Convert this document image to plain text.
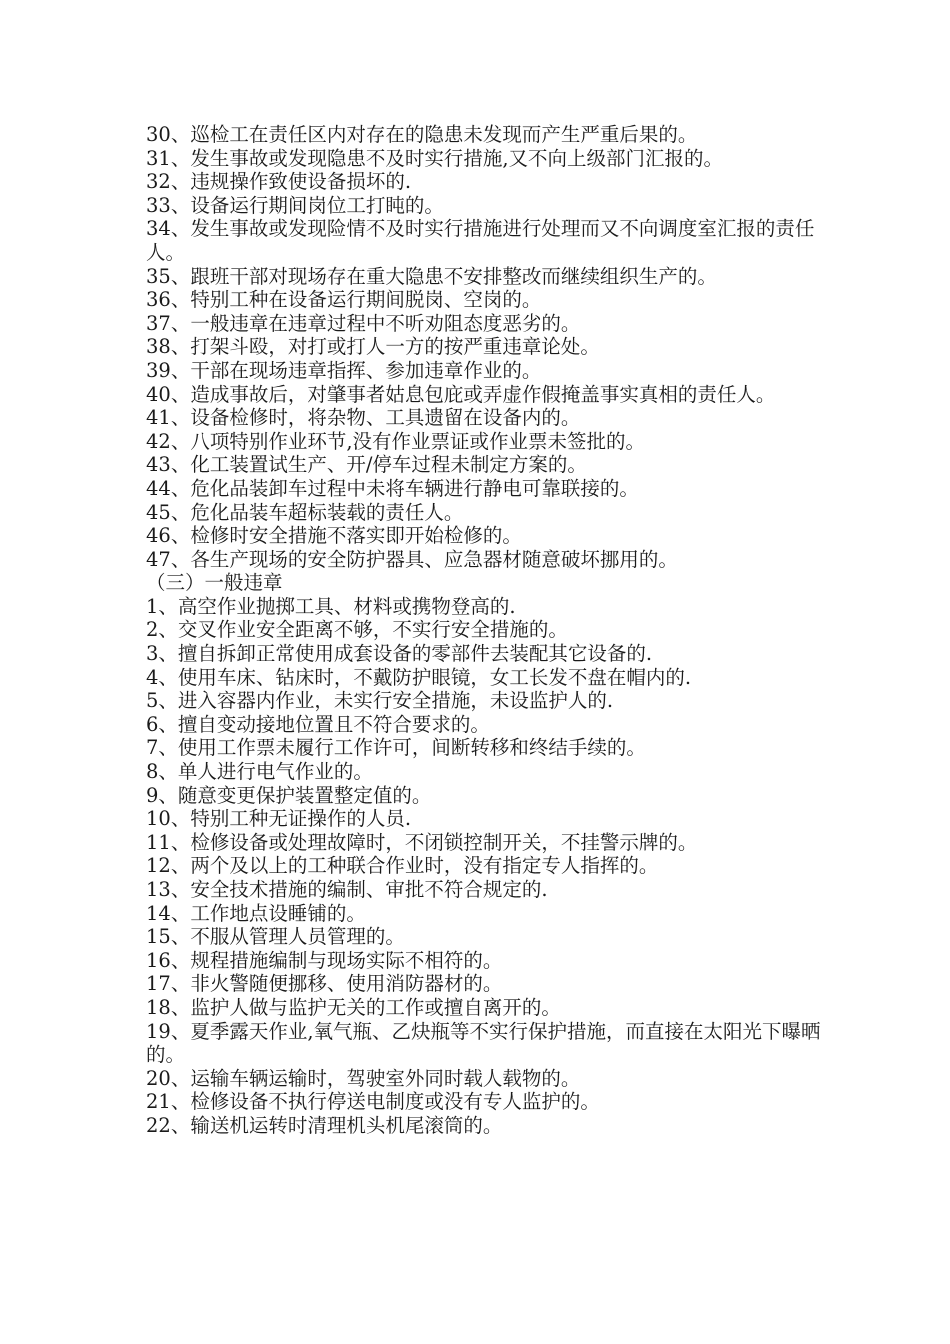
30、巡检工在责任区内对存在的隐患未发现而产生严重后果的。
31、发生事故或发现隐患不及时实行措施,又不向上级部门汇报的。
32、违规操作致使设备损坏的.
33、设备运行期间岗位工打盹的。
34、发生事故或发现险情不及时实行措施进行处理而又不向调度室汇报的责任人。
35、跟班干部对现场存在重大隐患不安排整改而继续组织生产的。
36、特别工种在设备运行期间脱岗、空岗的。
37、一般违章在违章过程中不听劝阻态度恶劣的。
38、打架斗殴，对打或打人一方的按严重违章论处。
39、干部在现场违章指挥、参加违章作业的。
40、造成事故后，对肇事者姑息包庇或弄虚作假掩盖事实真相的责任人。
41、设备检修时，将杂物、工具遗留在设备内的。
42、八项特别作业环节,没有作业票证或作业票未签批的。
43、化工装置试生产、开/停车过程未制定方案的。
44、危化品装卸车过程中未将车辆进行静电可靠联接的。
45、危化品装车超标装载的责任人。
46、检修时安全措施不落实即开始检修的。
47、各生产现场的安全防护器具、应急器材随意破坏挪用的。
（三）一般违章
1、高空作业抛掷工具、材料或携物登高的.
2、交叉作业安全距离不够，不实行安全措施的。
3、擅自拆卸正常使用成套设备的零部件去装配其它设备的.
4、使用车床、钻床时，不戴防护眼镜，女工长发不盘在帽内的.
5、进入容器内作业，未实行安全措施，未设监护人的.
6、擅自变动接地位置且不符合要求的。
7、使用工作票未履行工作许可，间断转移和终结手续的。
8、单人进行电气作业的。
9、随意变更保护装置整定值的。
10、特别工种无证操作的人员.
11、检修设备或处理故障时，不闭锁控制开关，不挂警示牌的。
12、两个及以上的工种联合作业时，没有指定专人指挥的。
13、安全技术措施的编制、审批不符合规定的.
14、工作地点设睡铺的。
15、不服从管理人员管理的。
16、规程措施编制与现场实际不相符的。
17、非火警随便挪移、使用消防器材的。
18、监护人做与监护无关的工作或擅自离开的。
19、夏季露天作业,氧气瓶、乙炔瓶等不实行保护措施，而直接在太阳光下曝晒的。
20、运输车辆运输时，驾驶室外同时载人载物的。
21、检修设备不执行停送电制度或没有专人监护的。
22、输送机运转时清理机头机尾滚筒的。
